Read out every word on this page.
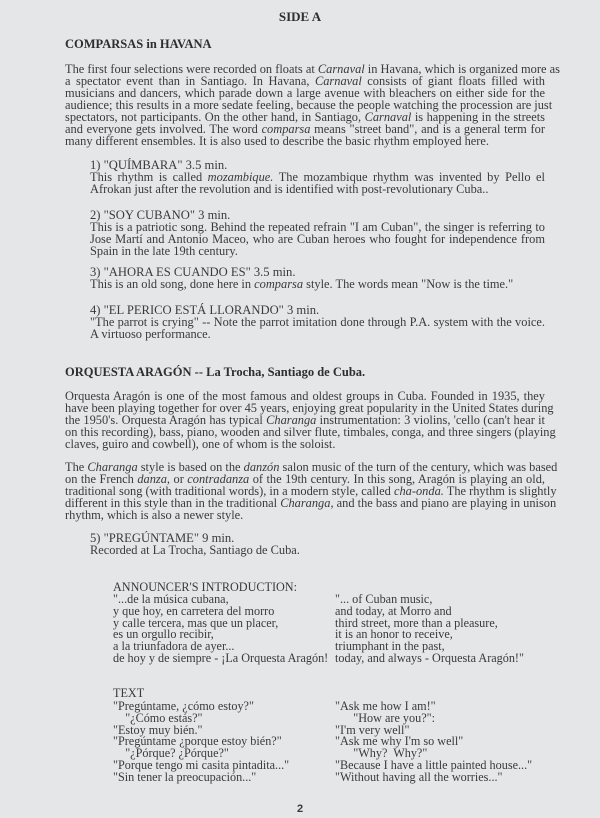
SIDE A
COMPARSAS in HAVANA
The first four selections were recorded on floats at Carnaval in Havana, which is organized more as
a spectator event than in Santiago. In Havana, Carnaval consists of giant floats filled with
musicians and dancers, which parade down a large avenue with bleachers on either side for the
audience; this results in a more sedate feeling, because the people watching the procession are just
spectators, not participants. On the other hand, in Santiago, Carnaval is happening in the streets
and everyone gets involved. The word comparsa means "street band", and is a general term for
many different ensembles. It is also used to describe the basic rhythm employed here.
1) "QUÍMBARA" 3.5 min.
This rhythm is called mozambique. The mozambique rhythm was invented by Pello el
Afrokan just after the revolution and is identified with post-revolutionary Cuba..
2) "SOY CUBANO" 3 min.
This is a patriotic song. Behind the repeated refrain "I am Cuban", the singer is referring to
Jose Martí and Antonio Maceo, who are Cuban heroes who fought for independence from
Spain in the late 19th century.
3) "AHORA ES CUANDO ES" 3.5 min.
This is an old song, done here in comparsa style. The words mean "Now is the time."
4) "EL PERICO ESTÁ LLORANDO" 3 min.
"The parrot is crying" -- Note the parrot imitation done through P.A. system with the voice.
A virtuoso performance.
ORQUESTA ARAGÓN -- La Trocha, Santiago de Cuba.
Orquesta Aragón is one of the most famous and oldest groups in Cuba. Founded in 1935, they
have been playing together for over 45 years, enjoying great popularity in the United States during
the 1950's. Orquesta Aragón has typical Charanga instrumentation: 3 violins, 'cello (can't hear it
on this recording), bass, piano, wooden and silver flute, timbales, conga, and three singers (playing
claves, guiro and cowbell), one of whom is the soloist.
The Charanga style is based on the danzón salon music of the turn of the century, which was based
on the French danza, or contradanza of the 19th century. In this song, Aragón is playing an old,
traditional song (with traditional words), in a modern style, called cha-onda. The rhythm is slightly
different in this style than in the traditional Charanga, and the bass and piano are playing in unison
rhythm, which is also a newer style.
5) "PREGÚNTAME" 9 min.
Recorded at La Trocha, Santiago de Cuba.
ANNOUNCER'S INTRODUCTION:
"...de la música cubana,
y que hoy, en carretera del morro
y calle tercera, mas que un placer,
es un orgullo recibir,
a la triunfadora de ayer...
de hoy y de siempre - ¡La Orquesta Aragón!
"... of Cuban music,
and today, at Morro and
third street, more than a pleasure,
it is an honor to receive,
triumphant in the past,
today, and always - Orquesta Aragón!"
TEXT
"Pregúntame, ¿cómo estoy?"
"¿Cómo estás?"
"Estoy muy bién."
"Pregúntame ¿porque estoy bién?"
"¿Pórque? ¿Pórque?"
"Porque tengo mi casita pintadita..."
"Sin tener la preocupación..."
"Ask me how I am!"
"How are you?":
"I'm very well"
"Ask me why I'm so well"
"Why?  Why?"
"Because I have a little painted house..."
"Without having all the worries..."
2
